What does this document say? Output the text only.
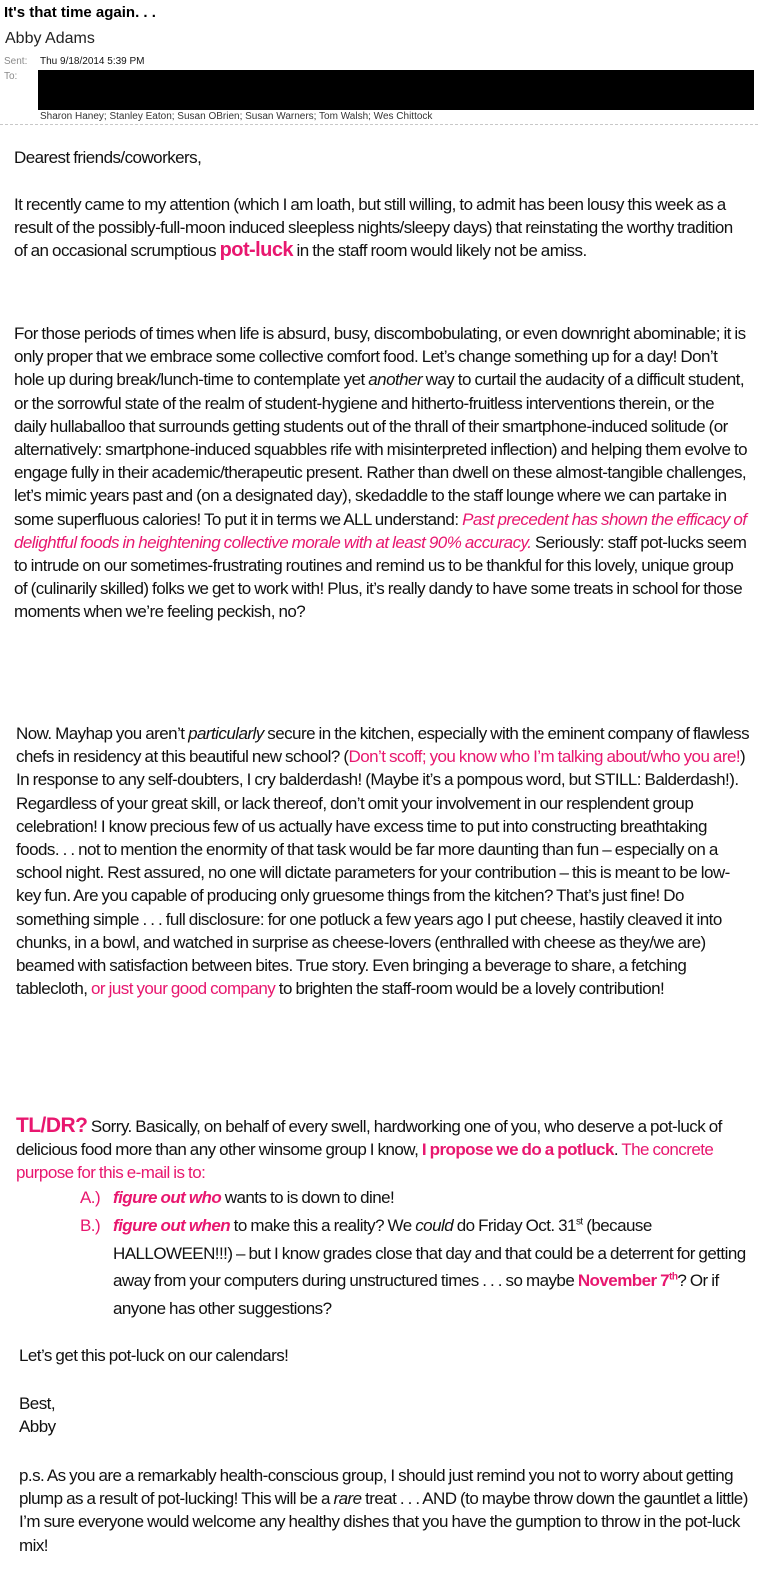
It's that time again. . .
Abby Adams
Sent: Thu 9/18/2014 5:39 PM
To:
Sharon Haney; Stanley Eaton; Susan OBrien; Susan Warners; Tom Walsh; Wes Chittock

Dearest friends/coworkers,

It recently came to my attention (which I am loath, but still willing, to admit has been lousy this week as a result of the possibly-full-moon induced sleepless nights/sleepy days) that reinstating the worthy tradition of an occasional scrumptious pot-luck in the staff room would likely not be amiss.

For those periods of times when life is absurd, busy, discombobulating, or even downright abominable; it is only proper that we embrace some collective comfort food. Let’s change something up for a day! Don’t hole up during break/lunch-time to contemplate yet another way to curtail the audacity of a difficult student, or the sorrowful state of the realm of student-hygiene and hitherto-fruitless interventions therein, or the daily hullaballoo that surrounds getting students out of the thrall of their smartphone-induced solitude (or alternatively: smartphone-induced squabbles rife with misinterpreted inflection) and helping them evolve to engage fully in their academic/therapeutic present. Rather than dwell on these almost-tangible challenges, let’s mimic years past and (on a designated day), skedaddle to the staff lounge where we can partake in some superfluous calories! To put it in terms we ALL understand: Past precedent has shown the efficacy of delightful foods in heightening collective morale with at least 90% accuracy. Seriously: staff pot-lucks seem to intrude on our sometimes-frustrating routines and remind us to be thankful for this lovely, unique group of (culinarily skilled) folks we get to work with! Plus, it’s really dandy to have some treats in school for those moments when we’re feeling peckish, no?

Now. Mayhap you aren’t particularly secure in the kitchen, especially with the eminent company of flawless chefs in residency at this beautiful new school? (Don’t scoff; you know who I’m talking about/who you are!) In response to any self-doubters, I cry balderdash! (Maybe it’s a pompous word, but STILL: Balderdash!). Regardless of your great skill, or lack thereof, don’t omit your involvement in our resplendent group celebration! I know precious few of us actually have excess time to put into constructing breathtaking foods. . . not to mention the enormity of that task would be far more daunting than fun – especially on a school night. Rest assured, no one will dictate parameters for your contribution – this is meant to be low-key fun. Are you capable of producing only gruesome things from the kitchen? That’s just fine! Do something simple . . . full disclosure: for one potluck a few years ago I put cheese, hastily cleaved it into chunks, in a bowl, and watched in surprise as cheese-lovers (enthralled with cheese as they/we are) beamed with satisfaction between bites. True story. Even bringing a beverage to share, a fetching tablecloth, or just your good company to brighten the staff-room would be a lovely contribution!

TL/DR? Sorry. Basically, on behalf of every swell, hardworking one of you, who deserve a pot-luck of delicious food more than any other winsome group I know, I propose we do a potluck. The concrete purpose for this e-mail is to:

A.) figure out who wants to is down to dine!
B.) figure out when to make this a reality? We could do Friday Oct. 31st (because HALLOWEEN!!!) – but I know grades close that day and that could be a deterrent for getting away from your computers during unstructured times . . . so maybe November 7th? Or if anyone has other suggestions?

Let’s get this pot-luck on our calendars!

Best,
Abby

p.s. As you are a remarkably health-conscious group, I should just remind you not to worry about getting plump as a result of pot-lucking! This will be a rare treat . . . AND (to maybe throw down the gauntlet a little) I’m sure everyone would welcome any healthy dishes that you have the gumption to throw in the pot-luck mix!
